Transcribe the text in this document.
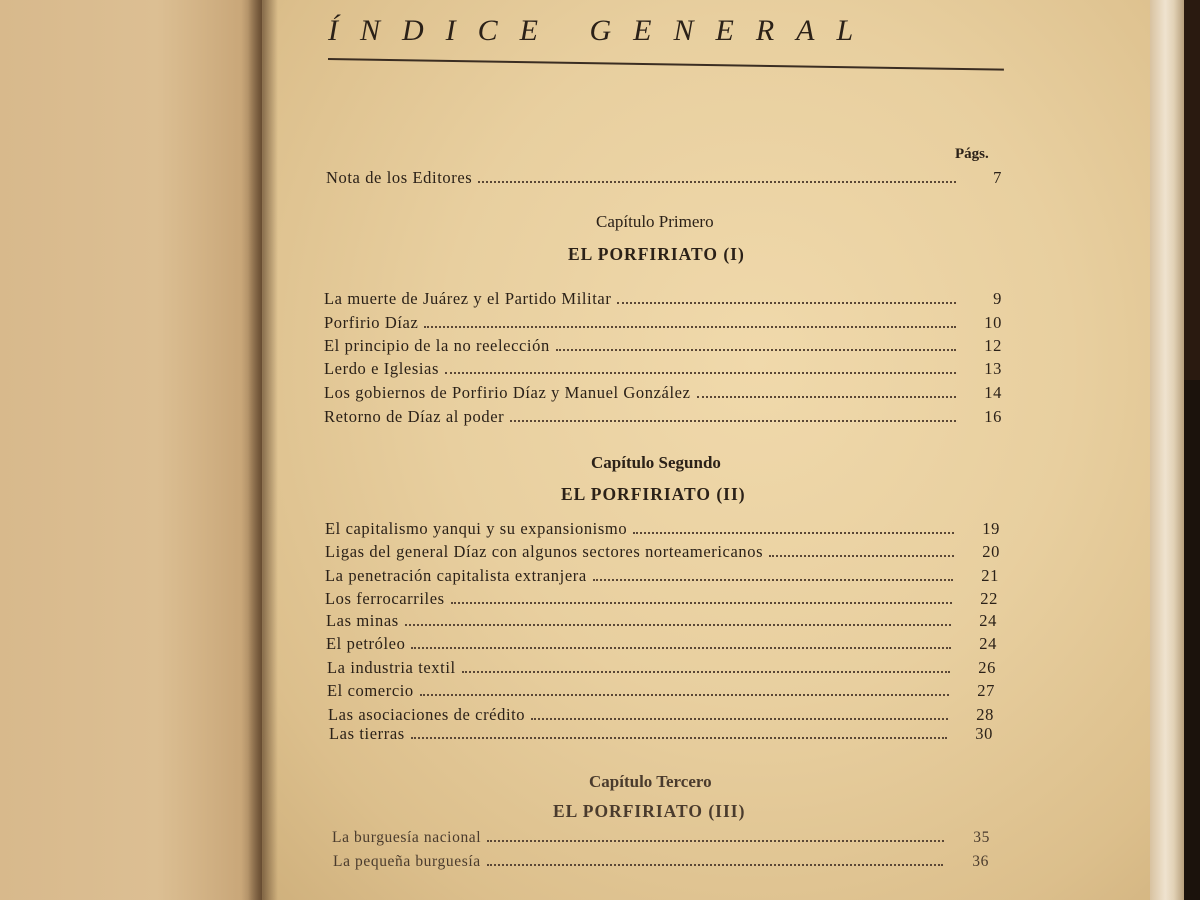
ÍNDICE GENERAL
Págs.
Nota de los Editores	7
Capítulo Primero
EL PORFIRIATO (I)
La muerte de Juárez y el Partido Militar	9
Porfirio Díaz	10
El principio de la no reelección	12
Lerdo e Iglesias	13
Los gobiernos de Porfirio Díaz y Manuel González	14
Retorno de Díaz al poder	16
Capítulo Segundo
EL PORFIRIATO (II)
El capitalismo yanqui y su expansionismo	19
Ligas del general Díaz con algunos sectores norteamericanos	20
La penetración capitalista extranjera	21
Los ferrocarriles	22
Las minas	24
El petróleo	24
La industria textil	26
El comercio	27
Las asociaciones de crédito	28
Las tierras	30
Capítulo Tercero
EL PORFIRIATO (III)
La burguesía nacional	35
La pequeña burguesía	36
